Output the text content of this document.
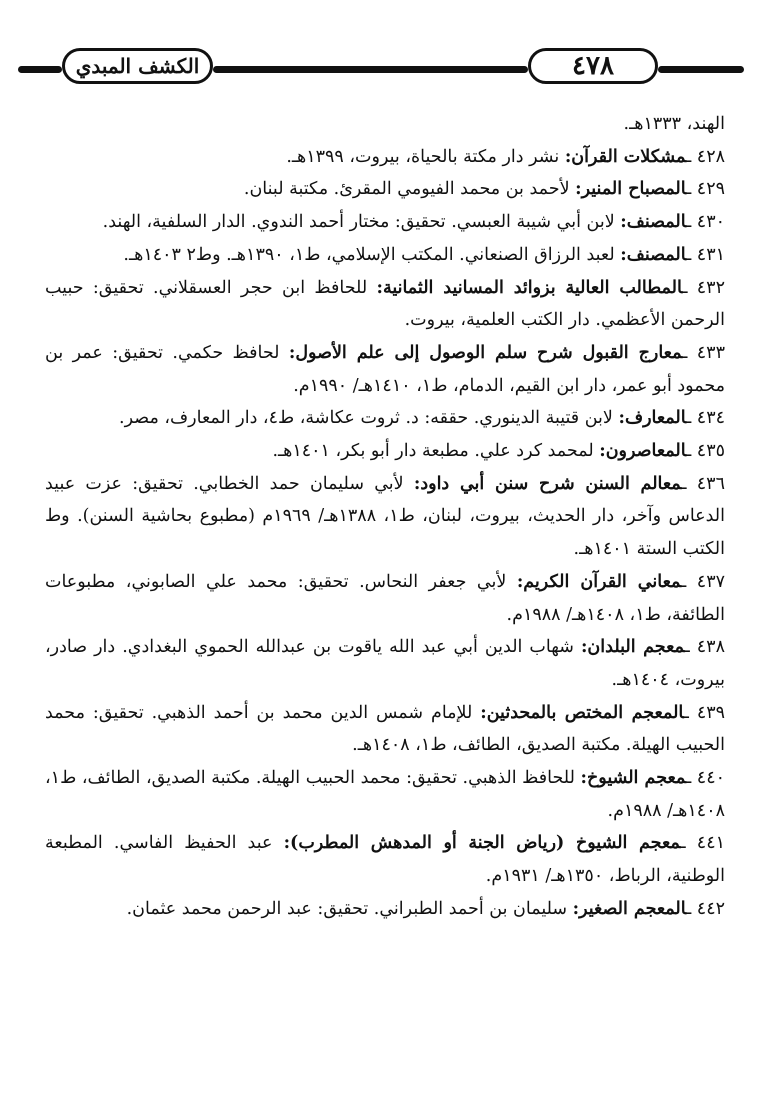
الكشف المبدي	٤٧٨

الهند، ١٣٣٣هـ.

٤٢٨ ـمشكلات القرآن: نشر دار مكتة بالحياة، بيروت، ١٣٩٩هـ.

٤٢٩ ـالمصباح المنير: لأحمد بن محمد الفيومي المقرئ. مكتبة لبنان.

٤٣٠ ـالمصنف: لابن أبي شيبة العبسي. تحقيق: مختار أحمد الندوي. الدار السلفية، الهند.

٤٣١ ـالمصنف: لعبد الرزاق الصنعاني. المكتب الإسلامي، ط١، ١٣٩٠هـ. وط٢ ١٤٠٣هـ.

٤٣٢ ـالمطالب العالية بزوائد المسانيد الثمانية: للحافظ ابن حجر العسقلاني. تحقيق: حبيب الرحمن الأعظمي. دار الكتب العلمية، بيروت.

٤٣٣ ـمعارج القبول شرح سلم الوصول إلى علم الأصول: لحافظ حكمي. تحقيق: عمر بن محمود أبو عمر، دار ابن القيم، الدمام، ط١، ١٤١٠هـ/ ١٩٩٠م.

٤٣٤ ـالمعارف: لابن قتيبة الدينوري. حققه: د. ثروت عكاشة، ط٤، دار المعارف، مصر.

٤٣٥ ـالمعاصرون: لمحمد كرد علي. مطبعة دار أبو بكر، ١٤٠١هـ.

٤٣٦ ـمعالم السنن شرح سنن أبي داود: لأبي سليمان حمد الخطابي. تحقيق: عزت عبيد الدعاس وآخر، دار الحديث، بيروت، لبنان، ط١، ١٣٨٨هـ/ ١٩٦٩م (مطبوع بحاشية السنن). وط الكتب الستة ١٤٠١هـ.

٤٣٧ ـمعاني القرآن الكريم: لأبي جعفر النحاس. تحقيق: محمد علي الصابوني، مطبوعات الطائفة، ط١، ١٤٠٨هـ/ ١٩٨٨م.

٤٣٨ ـمعجم البلدان: شهاب الدين أبي عبد الله ياقوت بن عبدالله الحموي البغدادي. دار صادر، بيروت، ١٤٠٤هـ.

٤٣٩ ـالمعجم المختص بالمحدثين: للإمام شمس الدين محمد بن أحمد الذهبي. تحقيق: محمد الحبيب الهيلة. مكتبة الصديق، الطائف، ط١، ١٤٠٨هـ.

٤٤٠ ـمعجم الشيوخ: للحافظ الذهبي. تحقيق: محمد الحبيب الهيلة. مكتبة الصديق، الطائف، ط١، ١٤٠٨هـ/ ١٩٨٨م.

٤٤١ ـمعجم الشيوخ (رياض الجنة أو المدهش المطرب): عبد الحفيظ الفاسي. المطبعة الوطنية، الرباط، ١٣٥٠هـ/ ١٩٣١م.

٤٤٢ ـالمعجم الصغير: سليمان بن أحمد الطبراني. تحقيق: عبد الرحمن محمد عثمان.
